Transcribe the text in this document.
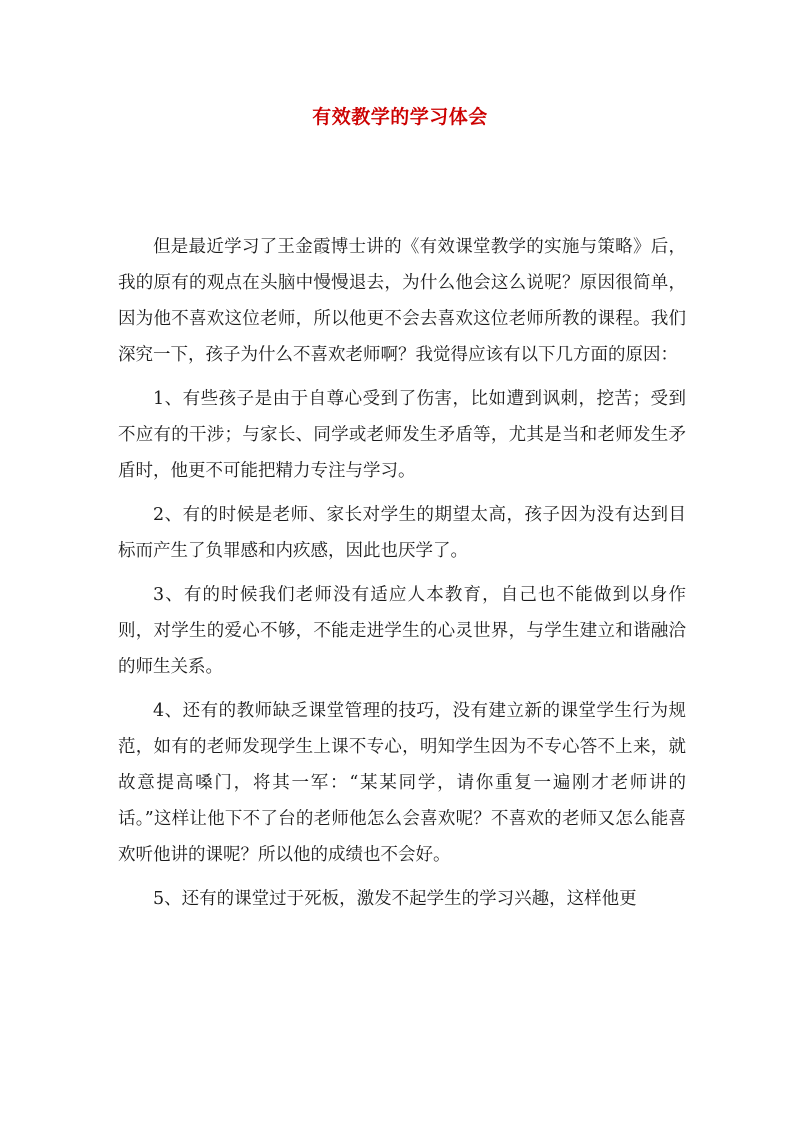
有效教学的学习体会

但是最近学习了王金霞博士讲的《有效课堂教学的实施与策略》后，我的原有的观点在头脑中慢慢退去，为什么他会这么说呢？原因很简单，因为他不喜欢这位老师，所以他更不会去喜欢这位老师所教的课程。我们深究一下，孩子为什么不喜欢老师啊？我觉得应该有以下几方面的原因：

1、有些孩子是由于自尊心受到了伤害，比如遭到讽刺，挖苦；受到不应有的干涉；与家长、同学或老师发生矛盾等，尤其是当和老师发生矛盾时，他更不可能把精力专注与学习。

2、有的时候是老师、家长对学生的期望太高，孩子因为没有达到目标而产生了负罪感和内疚感，因此也厌学了。

3、有的时候我们老师没有适应人本教育，自己也不能做到以身作则，对学生的爱心不够，不能走进学生的心灵世界，与学生建立和谐融洽的师生关系。

4、还有的教师缺乏课堂管理的技巧，没有建立新的课堂学生行为规范，如有的老师发现学生上课不专心，明知学生因为不专心答不上来，就故意提高嗓门，将其一军：“某某同学，请你重复一遍刚才老师讲的话。”这样让他下不了台的老师他怎么会喜欢呢？不喜欢的老师又怎么能喜欢听他讲的课呢？所以他的成绩也不会好。

5、还有的课堂过于死板，激发不起学生的学习兴趣，这样他更
